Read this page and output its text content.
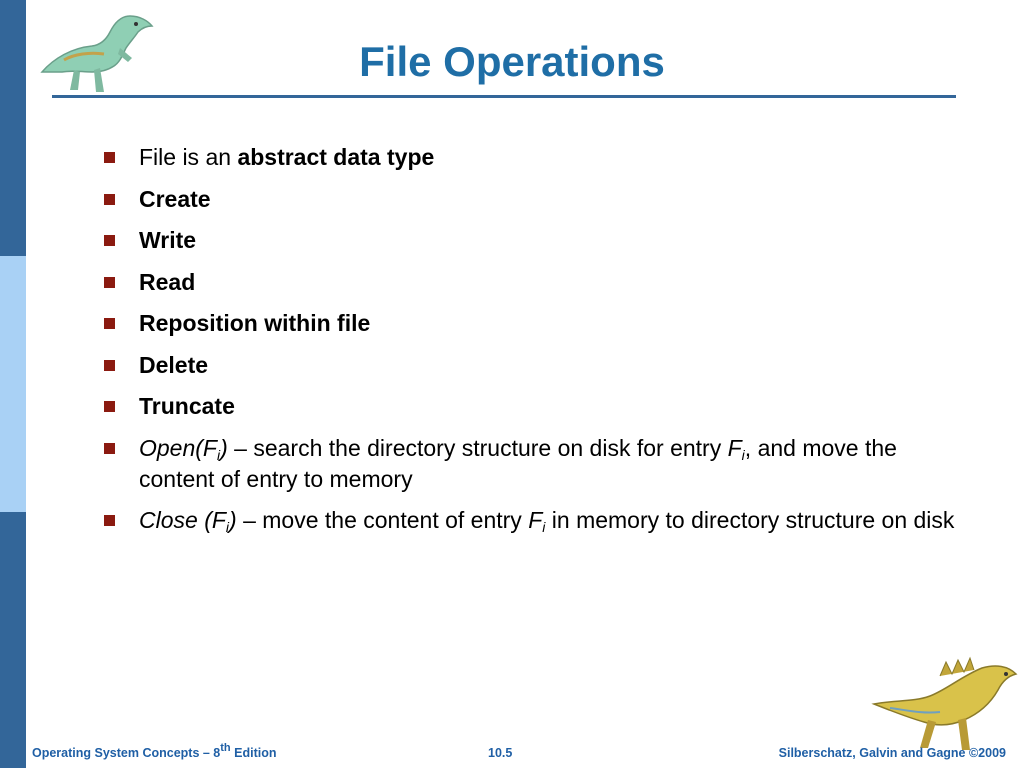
File Operations
File is an abstract data type
Create
Write
Read
Reposition within file
Delete
Truncate
$Open(F_i)$ – search the directory structure on disk for entry $F_i$, and move the content of entry to memory
Close $(F_i)$ – move the content of entry $F_i$ in memory to directory structure on disk
Operating System Concepts – 8th Edition	10.5	Silberschatz, Galvin and Gagne ©2009
